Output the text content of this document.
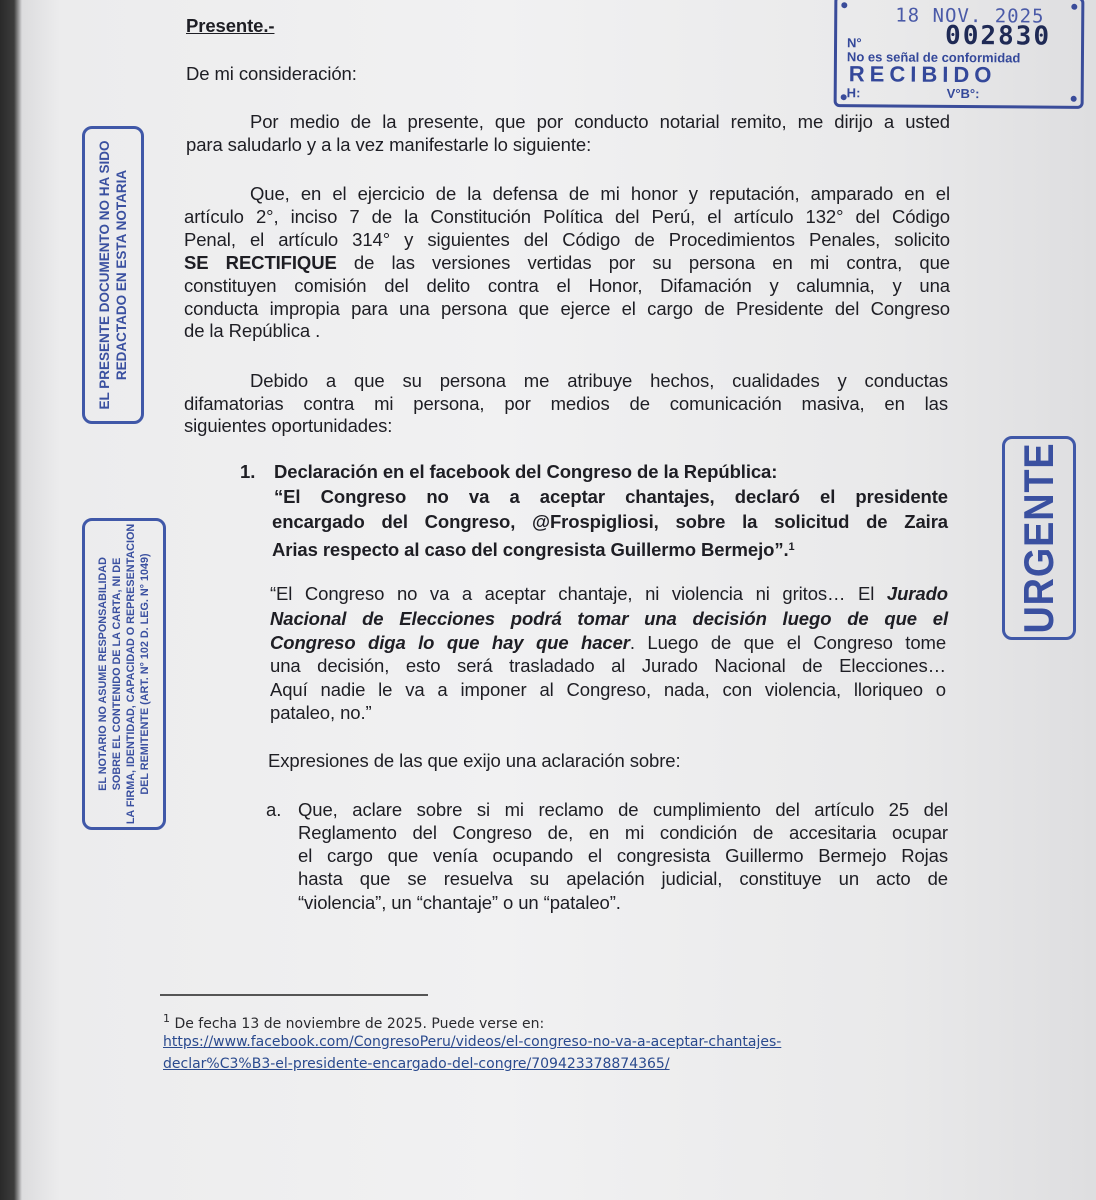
18 NOV. 2025
N°	002830
No es señal de conformidad
RECIBIDO
H:	V°B°:
EL PRESENTE DOCUMENTO NO HA SIDO REDACTADO EN ESTA NOTARIA
EL NOTARIO NO ASUME RESPONSABILIDAD SOBRE EL CONTENIDO DE LA CARTA, NI DE LA FIRMA, IDENTIDAD, CAPACIDAD O REPRESENTACION DEL REMITENTE (ART. N° 102 D. LEG. N° 1049)
URGENTE
Presente.-
De mi consideración:
Por medio de la presente, que por conducto notarial remito, me dirijo a usted
para saludarlo y a la vez manifestarle lo siguiente:
Que, en el ejercicio de la defensa de mi honor y reputación, amparado en el
artículo 2°, inciso 7 de la Constitución Política del Perú, el artículo 132° del Código
Penal, el artículo 314° y siguientes del Código de Procedimientos Penales, solicito
SE RECTIFIQUE de las versiones vertidas por su persona en mi contra, que
constituyen comisión del delito contra el Honor, Difamación y calumnia, y una
conducta impropia para una persona que ejerce el cargo de Presidente del Congreso
de la República .
Debido a que su persona me atribuye hechos, cualidades y conductas
difamatorias contra mi persona, por medios de comunicación masiva, en las
siguientes oportunidades:
1. Declaración en el facebook del Congreso de la República:
“El Congreso no va a aceptar chantajes, declaró el presidente
encargado del Congreso, @Frospigliosi, sobre la solicitud de Zaira
Arias respecto al caso del congresista Guillermo Bermejo”.$^1$
“El Congreso no va a aceptar chantaje, ni violencia ni gritos… El Jurado
Nacional de Elecciones podrá tomar una decisión luego de que el
Congreso diga lo que hay que hacer. Luego de que el Congreso tome
una decisión, esto será trasladado al Jurado Nacional de Elecciones…
Aquí nadie le va a imponer al Congreso, nada, con violencia, lloriqueo o
pataleo, no.”
Expresiones de las que exijo una aclaración sobre:
a. Que, aclare sobre si mi reclamo de cumplimiento del artículo 25 del
Reglamento del Congreso de, en mi condición de accesitaria ocupar
el cargo que venía ocupando el congresista Guillermo Bermejo Rojas
hasta que se resuelva su apelación judicial, constituye un acto de
“violencia”, un “chantaje” o un “pataleo”.
$^1$ De fecha 13 de noviembre de 2025. Puede verse en:
https://www.facebook.com/CongresoPeru/videos/el-congreso-no-va-a-aceptar-chantajes-
declar%C3%B3-el-presidente-encargado-del-congre/709423378874365/
